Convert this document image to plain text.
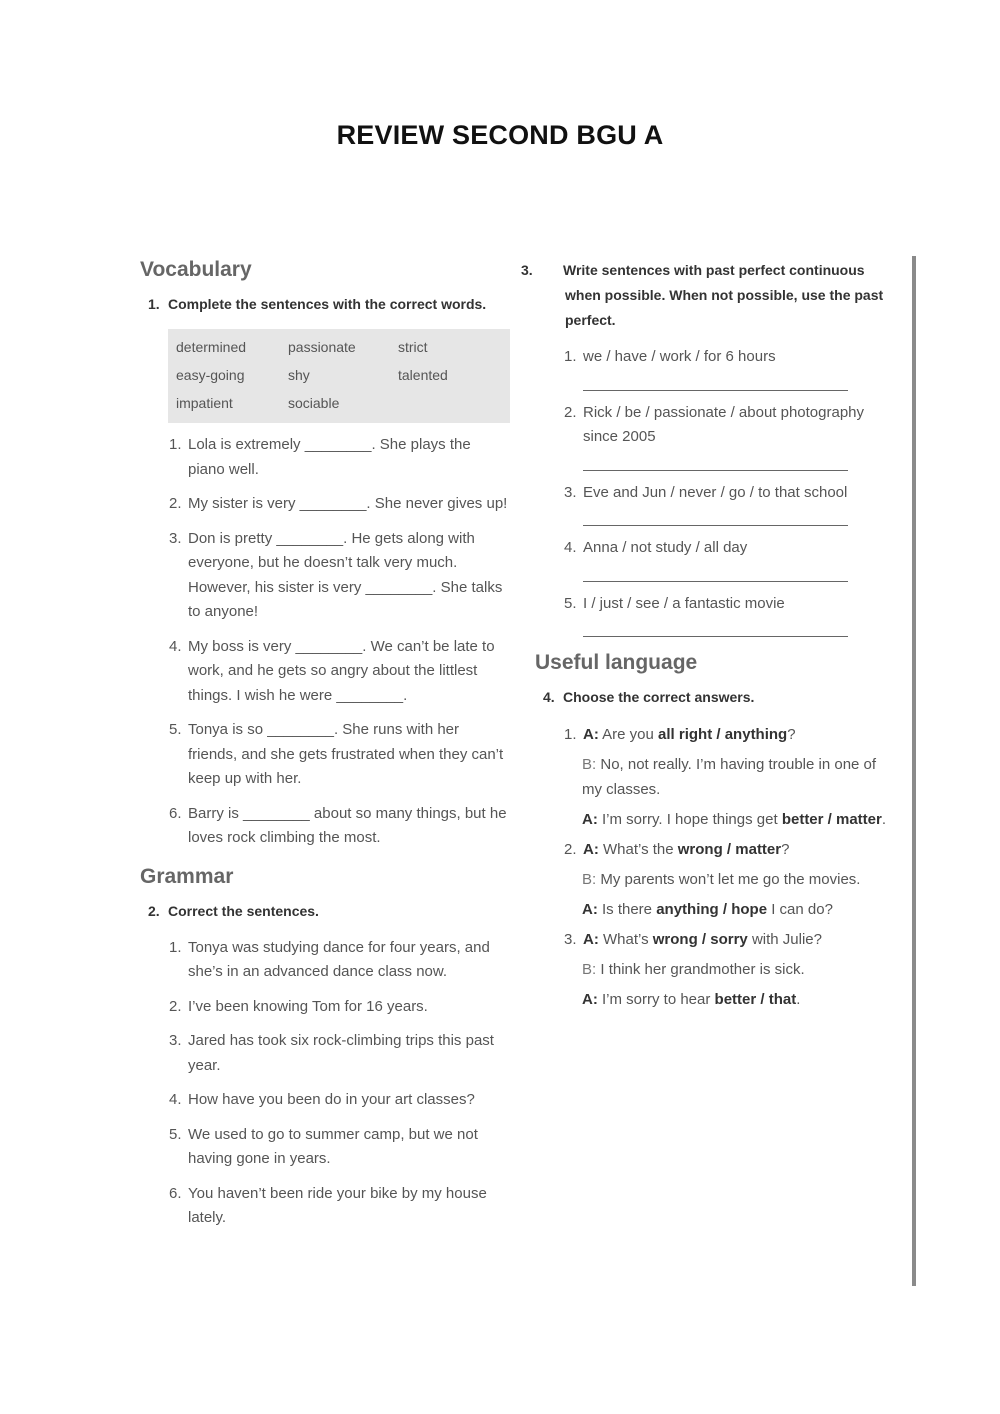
REVIEW SECOND BGU A
Vocabulary
1. Complete the sentences with the correct words.
determined	passionate	strict
easy-going	shy	talented
impatient	sociable
1. Lola is extremely ________. She plays the piano well.
2. My sister is very ________. She never gives up!
3. Don is pretty ________. He gets along with everyone, but he doesn’t talk very much. However, his sister is very ________. She talks to anyone!
4. My boss is very ________. We can’t be late to work, and he gets so angry about the littlest things. I wish he were ________.
5. Tonya is so ________. She runs with her friends, and she gets frustrated when they can’t keep up with her.
6. Barry is ________ about so many things, but he loves rock climbing the most.
Grammar
2. Correct the sentences.
1. Tonya was studying dance for four years, and she’s in an advanced dance class now.
2. I’ve been knowing Tom for 16 years.
3. Jared has took six rock-climbing trips this past year.
4. How have you been do in your art classes?
5. We used to go to summer camp, but we not having gone in years.
6. You haven’t been ride your bike by my house lately.
3. Write sentences with past perfect continuous when possible. When not possible, use the past perfect.
1. we / have / work / for 6 hours
2. Rick / be / passionate / about photography since 2005
3. Eve and Jun / never / go / to that school
4. Anna / not study / all day
5. I / just / see / a fantastic movie
Useful language
4. Choose the correct answers.
1. A: Are you all right / anything?
B: No, not really. I’m having trouble in one of my classes.
A: I’m sorry. I hope things get better / matter.
2. A: What’s the wrong / matter?
B: My parents won’t let me go the movies.
A: Is there anything / hope I can do?
3. A: What’s wrong / sorry with Julie?
B: I think her grandmother is sick.
A: I’m sorry to hear better / that.
